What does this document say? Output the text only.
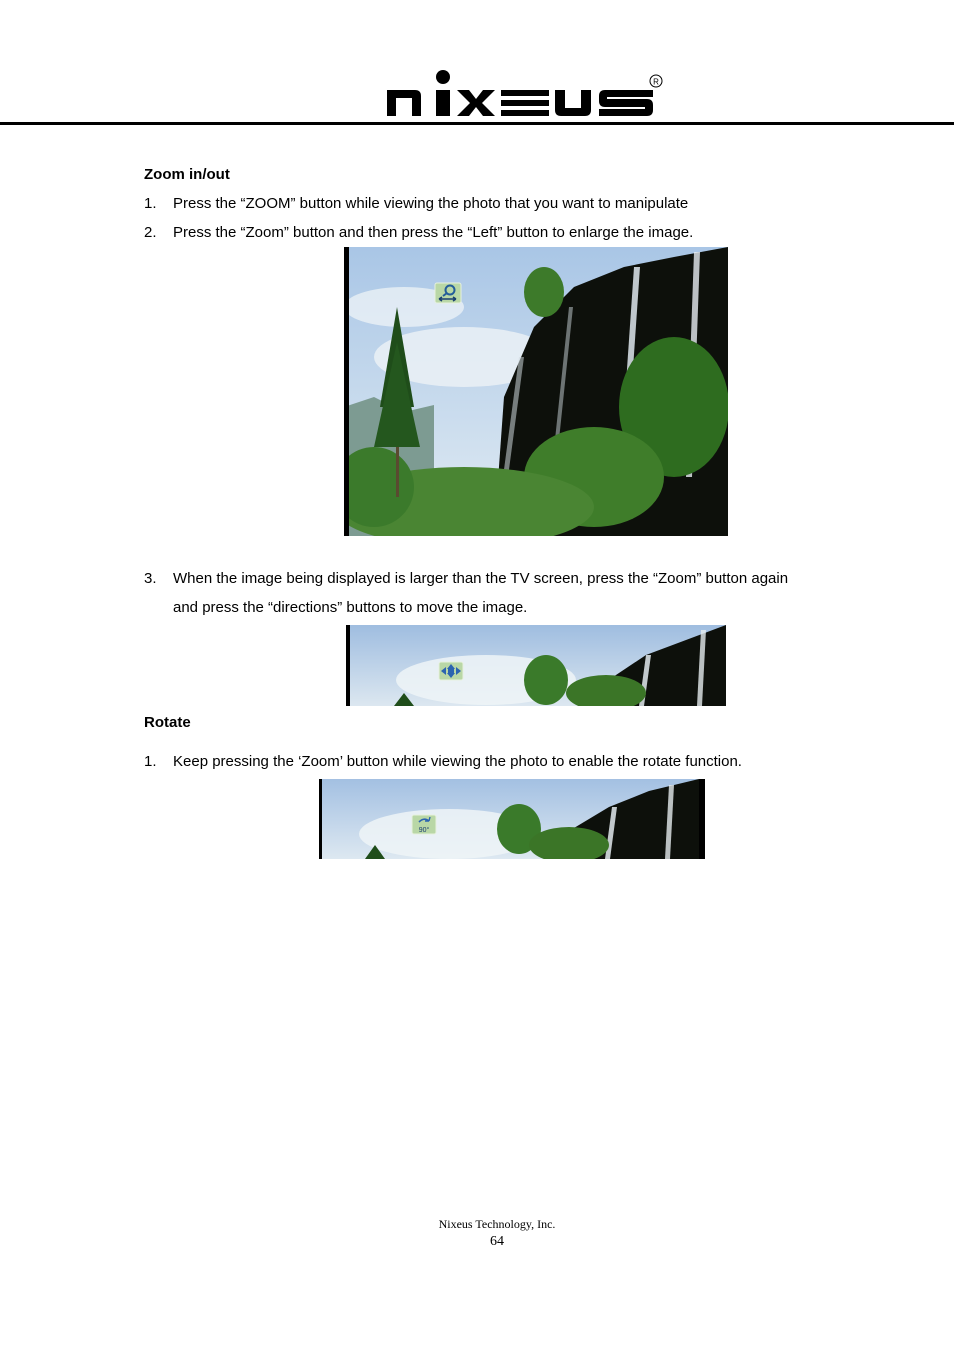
R
Zoom in/out
1. Press the “ZOOM” button while viewing the photo that you want to manipulate
2. Press the “Zoom” button and then press the “Left” button to enlarge the image.
3. When the image being displayed is larger than the TV screen, press the “Zoom” button again
and press the “directions” buttons to move the image.
Rotate
1. Keep pressing the ‘Zoom’ button while viewing the photo to enable the rotate function.
90°
Nixeus Technology, Inc.
64
